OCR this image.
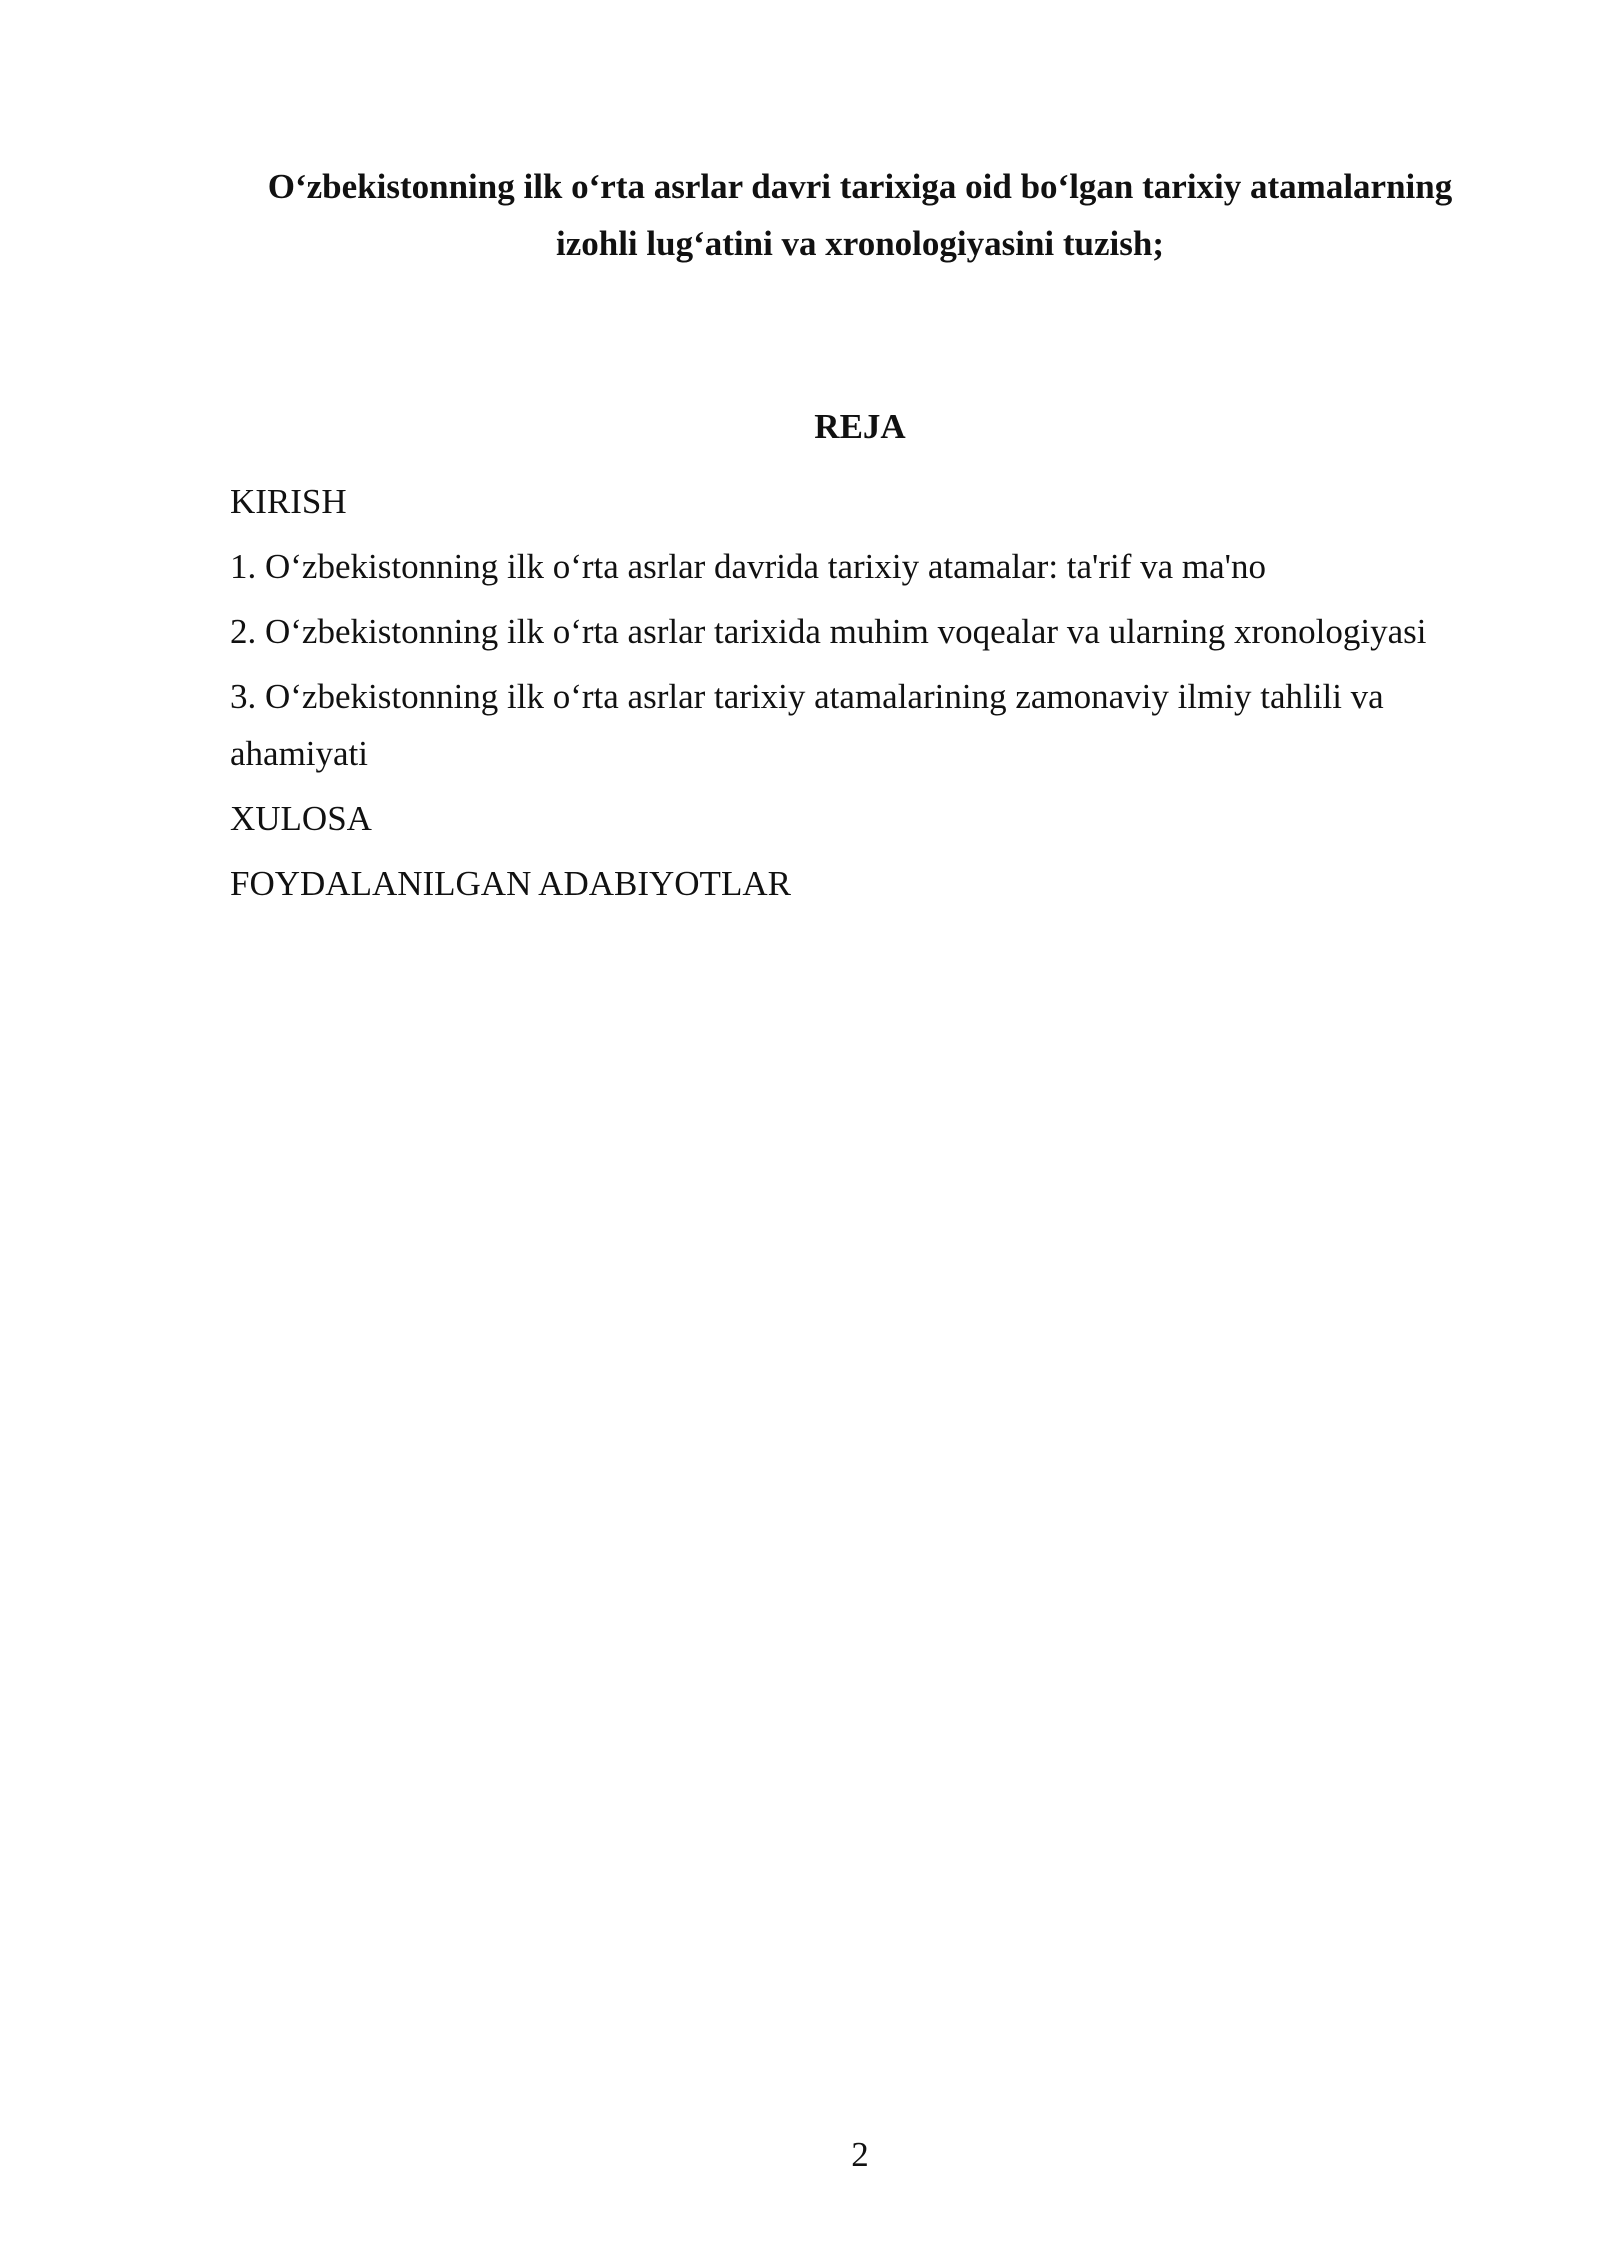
O‘zbekistonning ilk o‘rta asrlar davri tarixiga oid bo‘lgan tarixiy atamalarning izohli lug‘atini va xronologiyasini tuzish;
REJA
KIRISH
1. O‘zbekistonning ilk o‘rta asrlar davrida tarixiy atamalar: ta'rif va ma'no
2. O‘zbekistonning ilk o‘rta asrlar tarixida muhim voqealar va ularning xronologiyasi
3. O‘zbekistonning ilk o‘rta asrlar tarixiy atamalarining zamonaviy ilmiy tahlili va ahamiyati
XULOSA
FOYDALANILGAN ADABIYOTLAR
2
